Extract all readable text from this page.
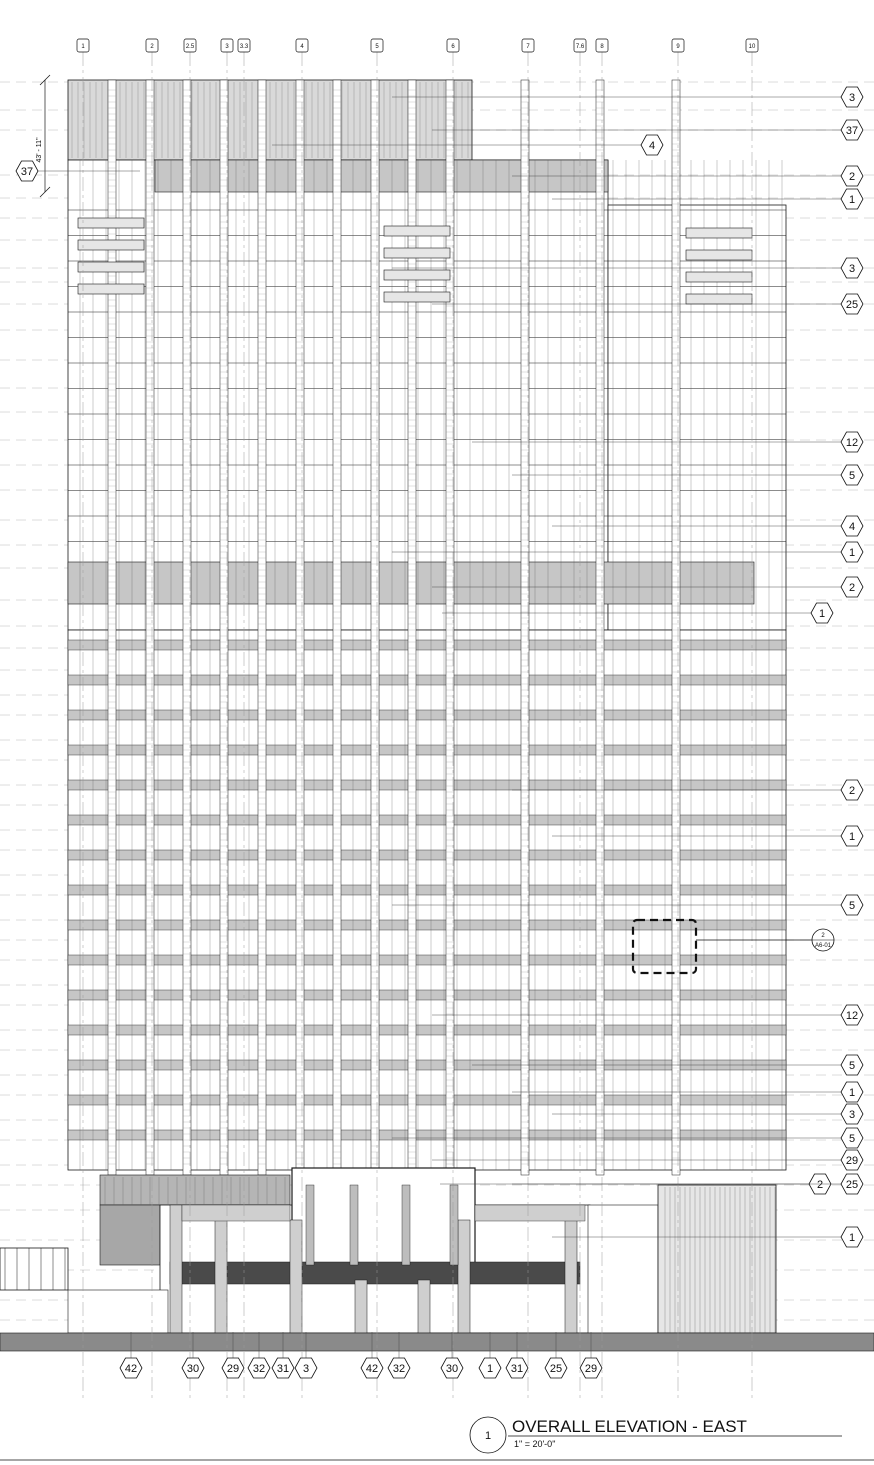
1	2	2.5	3 3.3	4	5	6	7	7.6	8	9	10
43' - 11"
2
A6-01
3
37
4
2
1
3
25
12
5
4
1
2
1
2
1
5
12
5
1
3
5
29
2 25
1
37
42	30	29 32 31 3	42 32	30	1 31 25 29
1 OVERALL ELEVATION - EAST
1" = 20'-0"
